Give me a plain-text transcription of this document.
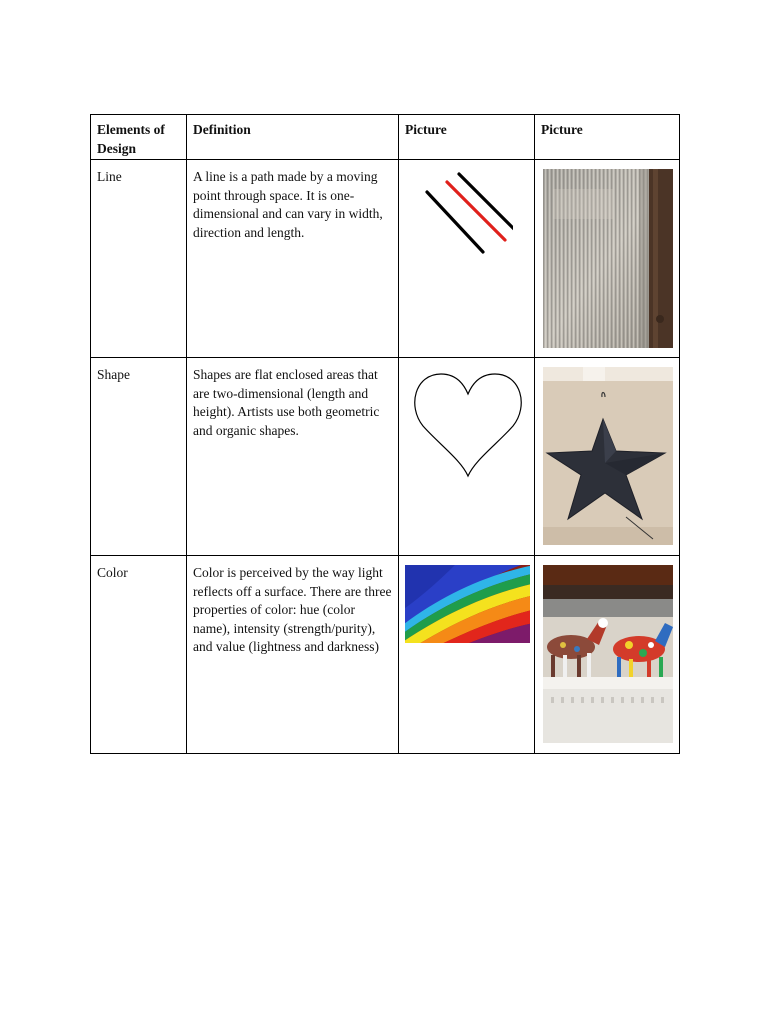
Elements of Design	Definition	Picture	Picture

Line	A line is a path made by a moving point through space. It is one-dimensional and can vary in width, direction and length.

Shape	Shapes are flat enclosed areas that are two-dimensional (length and height). Artists use both geometric and organic shapes.

Color	Color is perceived by the way light reflects off a surface. There are three properties of color: hue (color name), intensity (strength/purity), and value (lightness and darkness)
